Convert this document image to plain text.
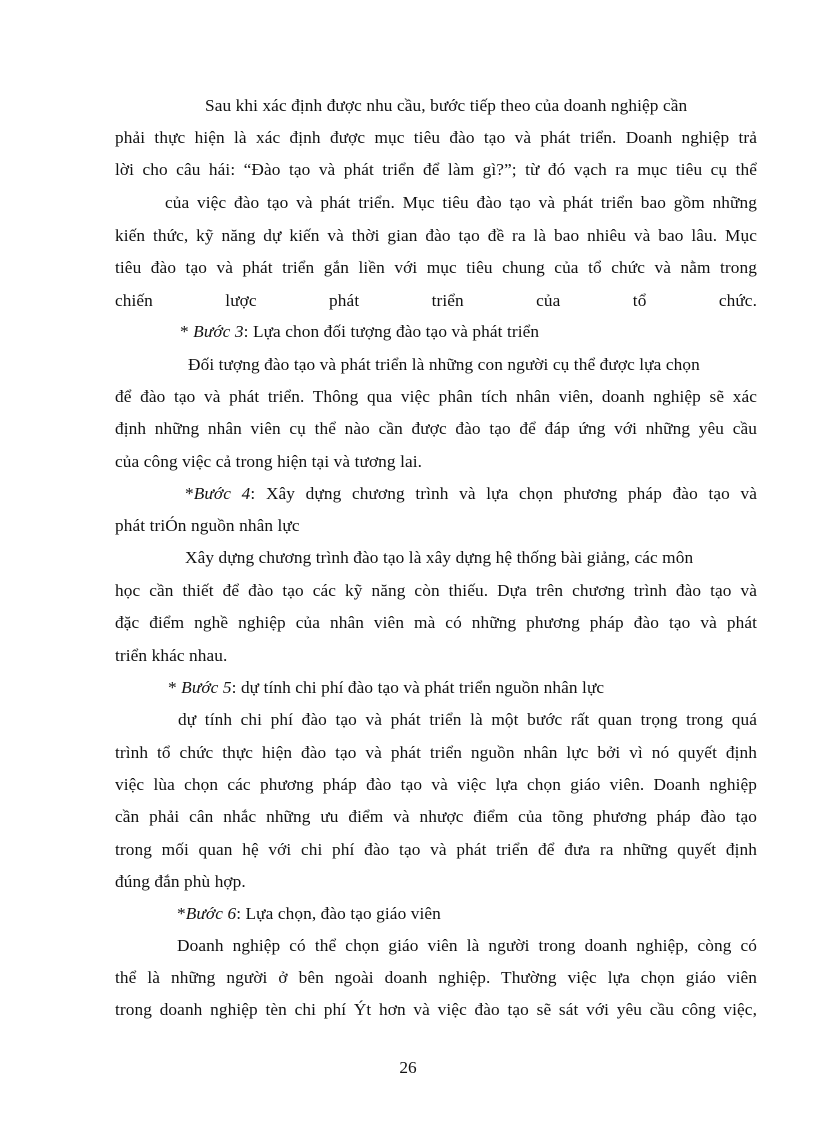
Sau khi xác định được nhu cầu, bước tiếp theo của doanh nghiệp cần
phải thực hiện là xác định được mục tiêu đào tạo và phát triển. Doanh nghiệp trả
lời cho câu hái: “Đào tạo và phát triển để làm gì?”; từ đó vạch ra mục tiêu cụ thể
của việc đào tạo và phát triển. Mục tiêu đào tạo và phát triển bao gồm những
kiến thức, kỹ năng dự kiến và thời gian đào tạo đề ra là bao nhiêu và bao lâu. Mục
tiêu đào tạo và phát triển gắn liền với mục tiêu chung của tổ chức và nằm trong
chiến lược phát triển của tổ chức.
* Bước 3: Lựa chon đối tượng đào tạo và phát triển
Đối tượng đào tạo và phát triển là những con người cụ thể được lựa chọn
để đào tạo và phát triển. Thông qua việc phân tích nhân viên, doanh nghiệp sẽ xác
định những nhân viên cụ thể nào cần được đào tạo để đáp ứng với những yêu cầu
của công việc cả trong hiện tại và tương lai.
*Bước 4: Xây dựng chương trình và lựa chọn phương pháp đào tạo và
phát triÓn nguồn nhân lực
Xây dựng chương trình đào tạo là xây dựng hệ thống bài giảng, các môn
học cần thiết để đào tạo các kỹ năng còn thiếu. Dựa trên chương trình đào tạo và
đặc điểm nghề nghiệp của nhân viên mà có những phương pháp đào tạo và phát
triển khác nhau.
* Bước 5: dự tính chi phí đào tạo và phát triển nguồn nhân lực
dự tính chi phí đào tạo và phát triển là một bước rất quan trọng trong quá
trình tổ chức thực hiện đào tạo và phát triển nguồn nhân lực bởi vì nó quyết định
việc lùa chọn các phương pháp đào tạo và việc lựa chọn giáo viên. Doanh nghiệp
cần phải cân nhắc những ưu điểm và nhược điểm của tõng phương pháp đào tạo
trong mối quan hệ với chi phí đào tạo và phát triển để đưa ra những quyết định
đúng đắn phù hợp.
*Bước 6: Lựa chọn, đào tạo giáo viên
Doanh nghiệp có thể chọn giáo viên là người trong doanh nghiệp, còng có
thể là những người ở bên ngoài doanh nghiệp. Thường việc lựa chọn giáo viên
trong doanh nghiệp tèn chi phí Ýt hơn và việc đào tạo sẽ sát với yêu cầu công việc,
26
